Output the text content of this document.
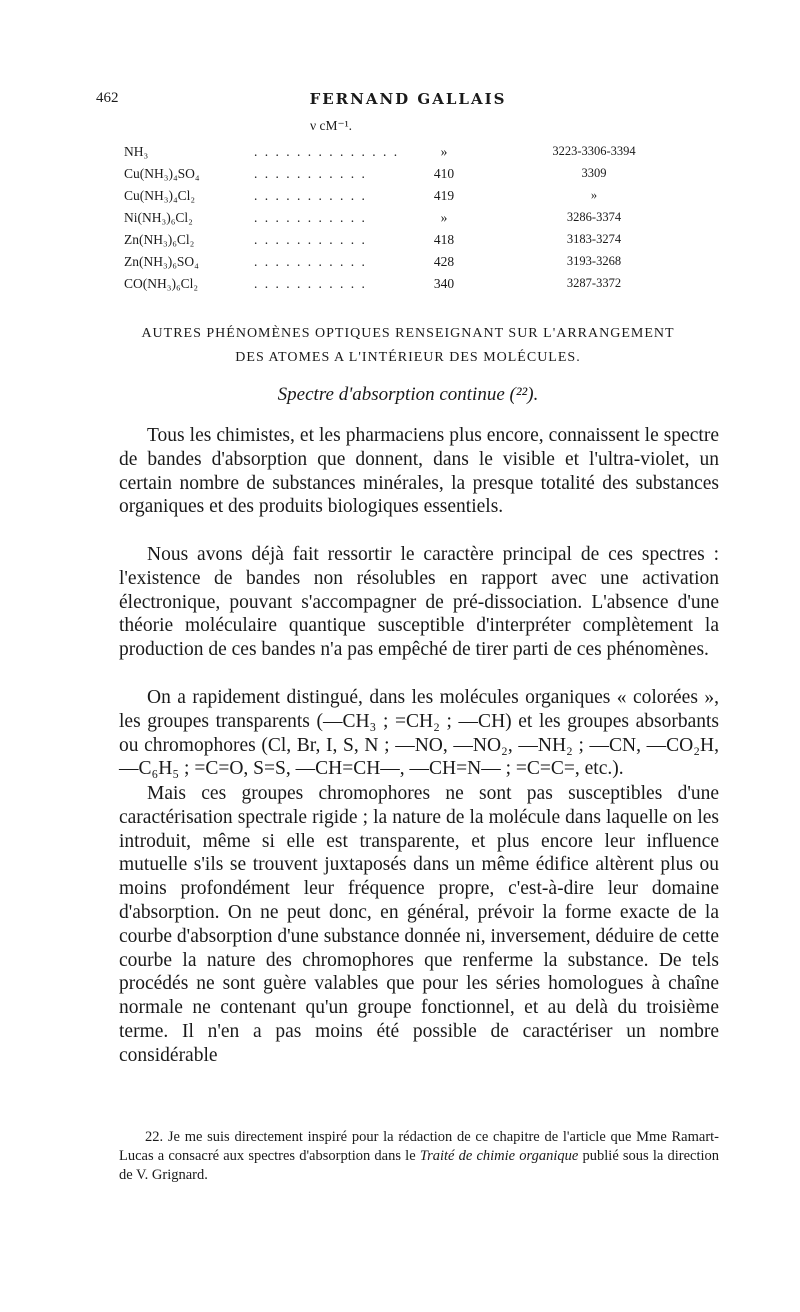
462	FERNAND GALLAIS
ν cM⁻¹.
NH₃	. . . . . . . . . . . . . .	»	3223-3306-3394
Cu(NH₃)₄SO₄	. . . . . . . . . . .	410	3309
Cu(NH₃)₄Cl₂	. . . . . . . . . . .	419	»
Ni(NH₃)₆Cl₂	. . . . . . . . . . .	»	3286-3374
Zn(NH₃)₆Cl₂	. . . . . . . . . . .	418	3183-3274
Zn(NH₃)₆SO₄	. . . . . . . . . . .	428	3193-3268
CO(NH₃)₆Cl₂	. . . . . . . . . . .	340	3287-3372
AUTRES PHÉNOMÈNES OPTIQUES RENSEIGNANT SUR L'ARRANGEMENT
DES ATOMES A L'INTÉRIEUR DES MOLÉCULES.
Spectre d'absorption continue (²²).

Tous les chimistes, et les pharmaciens plus encore, connaissent le spectre de bandes d'absorption que donnent, dans le visible et l'ultra-violet, un certain nombre de substances minérales, la presque totalité des substances organiques et des produits biologiques essentiels.

Nous avons déjà fait ressortir le caractère principal de ces spectres : l'existence de bandes non résolubles en rapport avec une activation électronique, pouvant s'accompagner de pré-dissociation. L'absence d'une théorie moléculaire quantique susceptible d'interpréter complètement la production de ces bandes n'a pas empêché de tirer parti de ces phénomènes.

On a rapidement distingué, dans les molécules organiques « colorées », les groupes transparents (—CH₃ ; =CH₂ ; —CH) et les groupes absorbants ou chromophores (Cl, Br, I, S, N ; —NO, —NO₂, —NH₂ ; —CN, —CO₂H, —C₆H₅ ; =C=O, S=S, —CH=CH—, —CH=N— ; =C=C=, etc.).

Mais ces groupes chromophores ne sont pas susceptibles d'une caractérisation spectrale rigide ; la nature de la molécule dans laquelle on les introduit, même si elle est transparente, et plus encore leur influence mutuelle s'ils se trouvent juxtaposés dans un même édifice altèrent plus ou moins profondément leur fréquence propre, c'est-à-dire leur domaine d'absorption. On ne peut donc, en général, prévoir la forme exacte de la courbe d'absorption d'une substance donnée ni, inversement, déduire de cette courbe la nature des chromophores que renferme la substance. De tels procédés ne sont guère valables que pour les séries homologues à chaîne normale ne contenant qu'un groupe fonctionnel, et au delà du troisième terme. Il n'en a pas moins été possible de caractériser un nombre considérable

22. Je me suis directement inspiré pour la rédaction de ce chapitre de l'article que Mme Ramart-Lucas a consacré aux spectres d'absorption dans le Traité de chimie organique publié sous la direction de V. Grignard.
